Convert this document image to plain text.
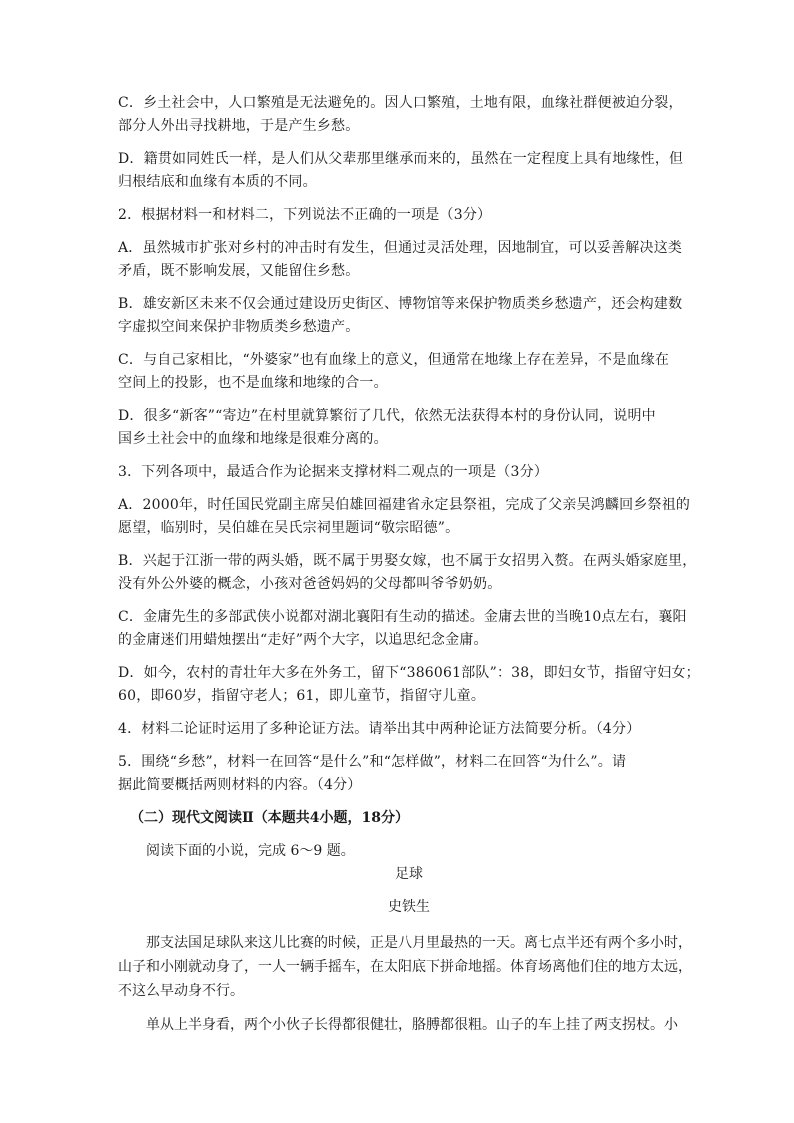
C．乡土社会中，人口繁殖是无法避免的。因人口繁殖，土地有限，血缘社群便被迫分裂，
部分人外出寻找耕地，于是产生乡愁。
D．籍贯如同姓氏一样，是人们从父辈那里继承而来的，虽然在一定程度上具有地缘性，但
归根结底和血缘有本质的不同。
2．根据材料一和材料二，下列说法不正确的一项是（3分）
A．虽然城市扩张对乡村的冲击时有发生，但通过灵活处理，因地制宜，可以妥善解决这类
矛盾，既不影响发展，又能留住乡愁。
B．雄安新区未来不仅会通过建设历史街区、博物馆等来保护物质类乡愁遗产，还会构建数
字虚拟空间来保护非物质类乡愁遗产。
C．与自己家相比，“外婆家”也有血缘上的意义，但通常在地缘上存在差异，不是血缘在
空间上的投影，也不是血缘和地缘的合一。
D．很多“新客”“寄边”在村里就算繁衍了几代，依然无法获得本村的身份认同，说明中
国乡土社会中的血缘和地缘是很难分离的。
3．下列各项中，最适合作为论据来支撑材料二观点的一项是（3分）
A．2000年，时任国民党副主席吴伯雄回福建省永定县祭祖，完成了父亲吴鸿麟回乡祭祖的
愿望，临别时，吴伯雄在吴氏宗祠里题词“敬宗昭德”。
B．兴起于江浙一带的两头婚，既不属于男娶女嫁，也不属于女招男入赘。在两头婚家庭里，
没有外公外婆的概念，小孩对爸爸妈妈的父母都叫爷爷奶奶。
C．金庸先生的多部武侠小说都对湖北襄阳有生动的描述。金庸去世的当晚10点左右，襄阳
的金庸迷们用蜡烛摆出“走好”两个大字，以追思纪念金庸。
D．如今，农村的青壮年大多在外务工，留下“386061部队”：38，即妇女节，指留守妇女；
60，即60岁，指留守老人；61，即儿童节，指留守儿童。
4．材料二论证时运用了多种论证方法。请举出其中两种论证方法简要分析。（4分）
5．围绕“乡愁”，材料一在回答“是什么”和“怎样做”，材料二在回答“为什么”。请
据此简要概括两则材料的内容。（4分）
（二）现代文阅读Ⅱ（本题共4小题，18分）
阅读下面的小说，完成 6～9 题。
足球
史铁生
那支法国足球队来这儿比赛的时候，正是八月里最热的一天。离七点半还有两个多小时，
山子和小刚就动身了，一人一辆手摇车，在太阳底下拼命地摇。体育场离他们住的地方太远，
不这么早动身不行。
单从上半身看，两个小伙子长得都很健壮，胳膊都很粗。山子的车上挂了两支拐杖。小
